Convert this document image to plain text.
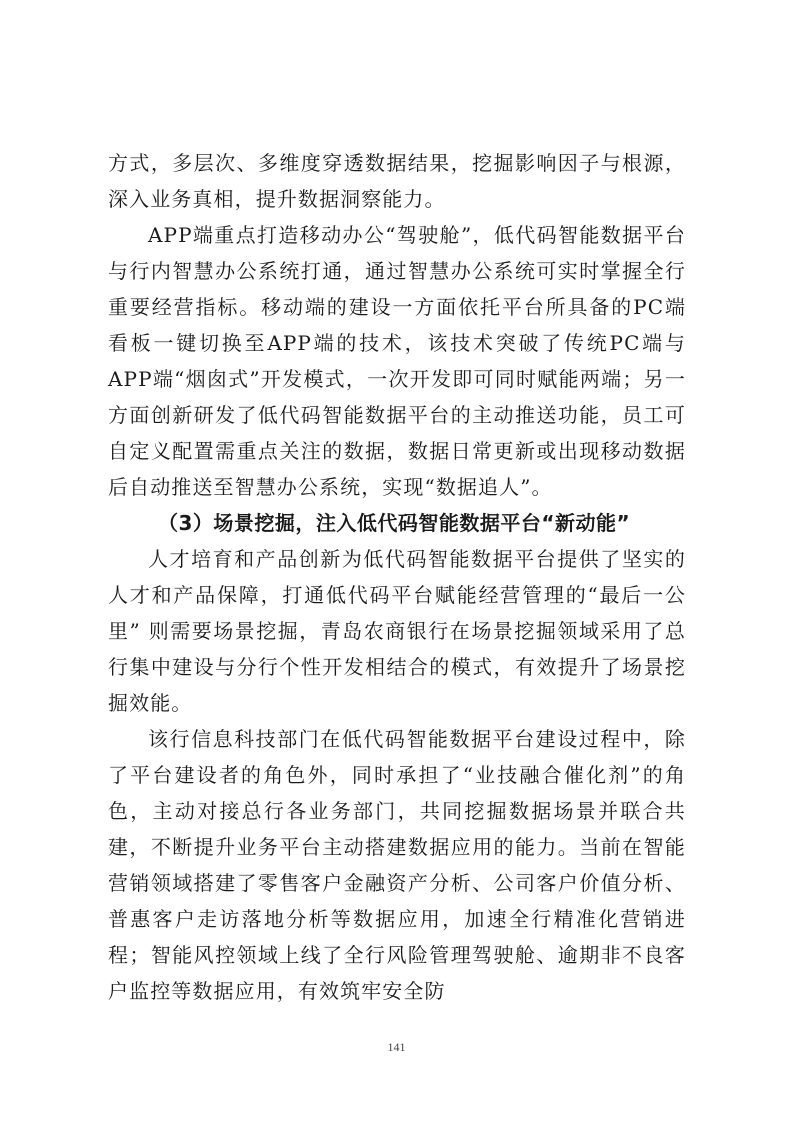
方式，多层次、多维度穿透数据结果，挖掘影响因子与根源，深入业务真相，提升数据洞察能力。

APP端重点打造移动办公“驾驶舱”，低代码智能数据平台与行内智慧办公系统打通，通过智慧办公系统可实时掌握全行重要经营指标。移动端的建设一方面依托平台所具备的PC端看板一键切换至APP端的技术，该技术突破了传统PC端与APP端“烟囱式”开发模式，一次开发即可同时赋能两端；另一方面创新研发了低代码智能数据平台的主动推送功能，员工可自定义配置需重点关注的数据，数据日常更新或出现移动数据后自动推送至智慧办公系统，实现“数据追人”。

（3）场景挖掘，注入低代码智能数据平台“新动能”

人才培育和产品创新为低代码智能数据平台提供了坚实的人才和产品保障，打通低代码平台赋能经营管理的“最后一公里” 则需要场景挖掘，青岛农商银行在场景挖掘领域采用了总行集中建设与分行个性开发相结合的模式，有效提升了场景挖掘效能。

该行信息科技部门在低代码智能数据平台建设过程中，除了平台建设者的角色外，同时承担了“业技融合催化剂”的角色，主动对接总行各业务部门，共同挖掘数据场景并联合共建，不断提升业务平台主动搭建数据应用的能力。当前在智能营销领域搭建了零售客户金融资产分析、公司客户价值分析、普惠客户走访落地分析等数据应用，加速全行精准化营销进程；智能风控领域上线了全行风险管理驾驶舱、逾期非不良客户监控等数据应用，有效筑牢安全防

141
